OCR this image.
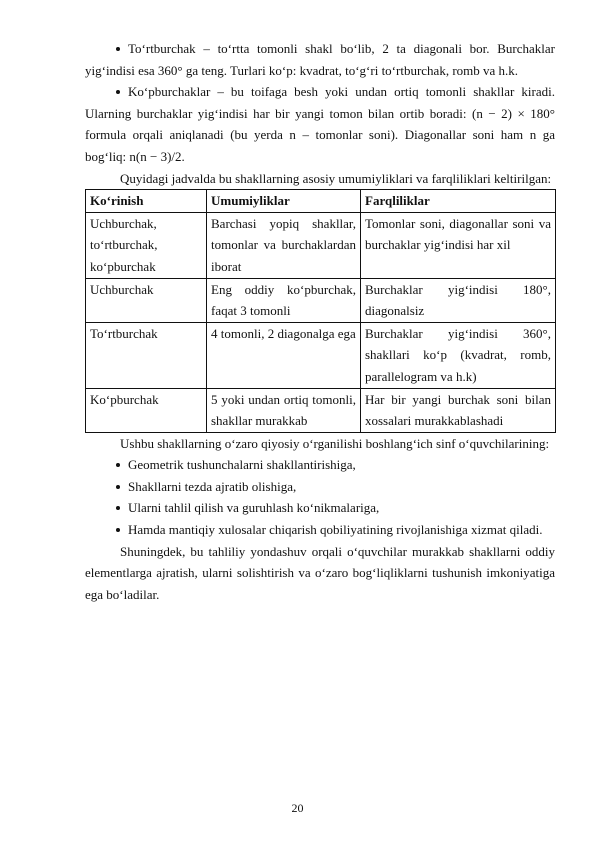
To‘rtburchak – to‘rtta tomonli shakl bo‘lib, 2 ta diagonali bor. Burchaklar yig‘indisi esa 360° ga teng. Turlari ko‘p: kvadrat, to‘g‘ri to‘rtburchak, romb va h.k.

Ko‘pburchaklar – bu toifaga besh yoki undan ortiq tomonli shakllar kiradi. Ularning burchaklar yig‘indisi har bir yangi tomon bilan ortib boradi: (n − 2) × 180° formula orqali aniqlanadi (bu yerda n – tomonlar soni). Diagonallar soni ham n ga bog‘liq: n(n − 3)/2.

Quyidagi jadvalda bu shakllarning asosiy umumiyliklari va farqliliklari keltirilgan:

Ko‘rinish	Umumiyliklar	Farqliliklar
Uchburchak, to‘rtburchak, ko‘pburchak	Barchasi yopiq shakllar, tomonlar va burchaklardan iborat	Tomonlar soni, diagonallar soni va burchaklar yig‘indisi har xil
Uchburchak	Eng oddiy ko‘pburchak, faqat 3 tomonli	Burchaklar yig‘indisi 180°, diagonalsiz
To‘rtburchak	4 tomonli, 2 diagonalga ega	Burchaklar yig‘indisi 360°, shakllari ko‘p (kvadrat, romb, parallelogram va h.k)
Ko‘pburchak	5 yoki undan ortiq tomonli, shakllar murakkab	Har bir yangi burchak soni bilan xossalari murakkablashadi

Ushbu shakllarning o‘zaro qiyosiy o‘rganilishi boshlang‘ich sinf o‘quvchilarining:

Geometrik tushunchalarni shakllantirishiga,

Shakllarni tezda ajratib olishiga,

Ularni tahlil qilish va guruhlash ko‘nikmalariga,

Hamda mantiqiy xulosalar chiqarish qobiliyatining rivojlanishiga xizmat qiladi.

Shuningdek, bu tahliliy yondashuv orqali o‘quvchilar murakkab shakllarni oddiy elementlarga ajratish, ularni solishtirish va o‘zaro bog‘liqliklarni tushunish imkoniyatiga ega bo‘ladilar.

20
